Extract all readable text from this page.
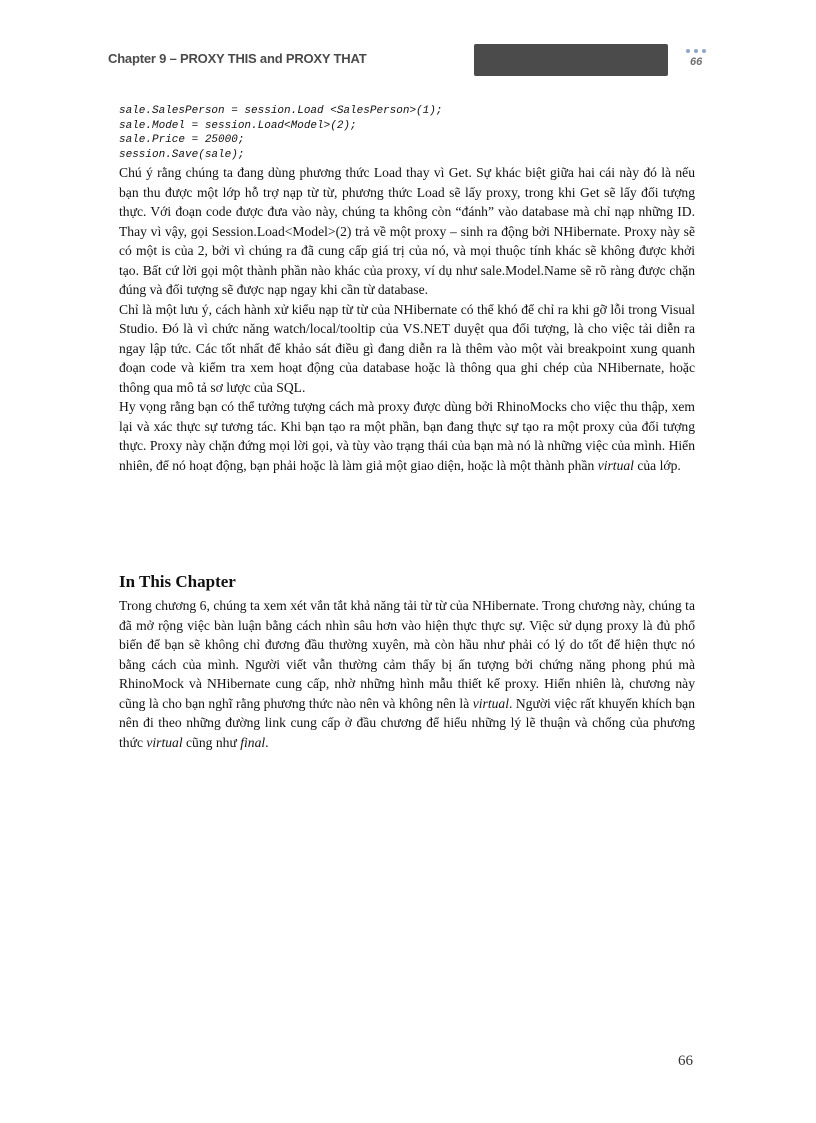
Chapter 9 – PROXY THIS and PROXY THAT	66
sale.SalesPerson = session.Load <SalesPerson>(1);
sale.Model = session.Load<Model>(2);
sale.Price = 25000;
session.Save(sale);

Chú ý rằng chúng ta đang dùng phương thức Load thay vì Get. Sự khác biệt giữa hai cái này đó là nếu bạn thu được một lớp hỗ trợ nạp từ từ, phương thức Load sẽ lấy proxy, trong khi Get sẽ lấy đối tượng thực. Với đoạn code được đưa vào này, chúng ta không còn “đánh” vào database mà chỉ nạp những ID. Thay vì vậy, gọi Session.Load<Model>(2) trả về một proxy – sinh ra động bởi NHibernate. Proxy này sẽ có một is của 2, bởi vì chúng ra đã cung cấp giá trị của nó, và mọi thuộc tính khác sẽ không được khởi tạo. Bất cứ lời gọi một thành phần nào khác của proxy, ví dụ như sale.Model.Name sẽ rõ ràng được chặn đúng và đối tượng sẽ được nạp ngay khi cần từ database.

Chỉ là một lưu ý, cách hành xử kiểu nạp từ từ của NHibernate có thể khó để chỉ ra khi gỡ lỗi trong Visual Studio. Đó là vì chức năng watch/local/tooltip của VS.NET duyệt qua đối tượng, là cho việc tải diễn ra ngay lập tức. Các tốt nhất để khảo sát điều gì đang diễn ra là thêm vào một vài breakpoint xung quanh đoạn code và kiểm tra xem hoạt động của database hoặc là thông qua ghi chép của NHibernate, hoặc thông qua mô tả sơ lược của SQL.

Hy vọng rằng bạn có thể tưởng tượng cách mà proxy được dùng bởi RhinoMocks cho việc thu thập, xem lại và xác thực sự tương tác. Khi bạn tạo ra một phần, bạn đang thực sự tạo ra một proxy của đối tượng thực. Proxy này chặn đứng mọi lời gọi, và tùy vào trạng thái của bạn mà nó là những việc của mình. Hiển nhiên, để nó hoạt động, bạn phải hoặc là làm giả một giao diện, hoặc là một thành phần virtual của lớp.

In This Chapter

Trong chương 6, chúng ta xem xét vắn tắt khả năng tải từ từ của NHibernate. Trong chương này, chúng ta đã mở rộng việc bàn luận bằng cách nhìn sâu hơn vào hiện thực thực sự. Việc sử dụng proxy là đủ phổ biến để bạn sẽ không chỉ đương đầu thường xuyên, mà còn hầu như phải có lý do tốt để hiện thực nó bằng cách của mình. Người viết vẫn thường cảm thấy bị ấn tượng bởi chứng năng phong phú mà RhinoMock và NHibernate cung cấp, nhờ những hình mẫu thiết kế proxy. Hiển nhiên là, chương này cũng là cho bạn nghĩ rằng phương thức nào nên và không nên là virtual. Người việc rất khuyến khích bạn nên đi theo những đường link cung cấp ở đầu chương để hiểu những lý lẽ thuận và chống của phương thức virtual cũng như final.

66
